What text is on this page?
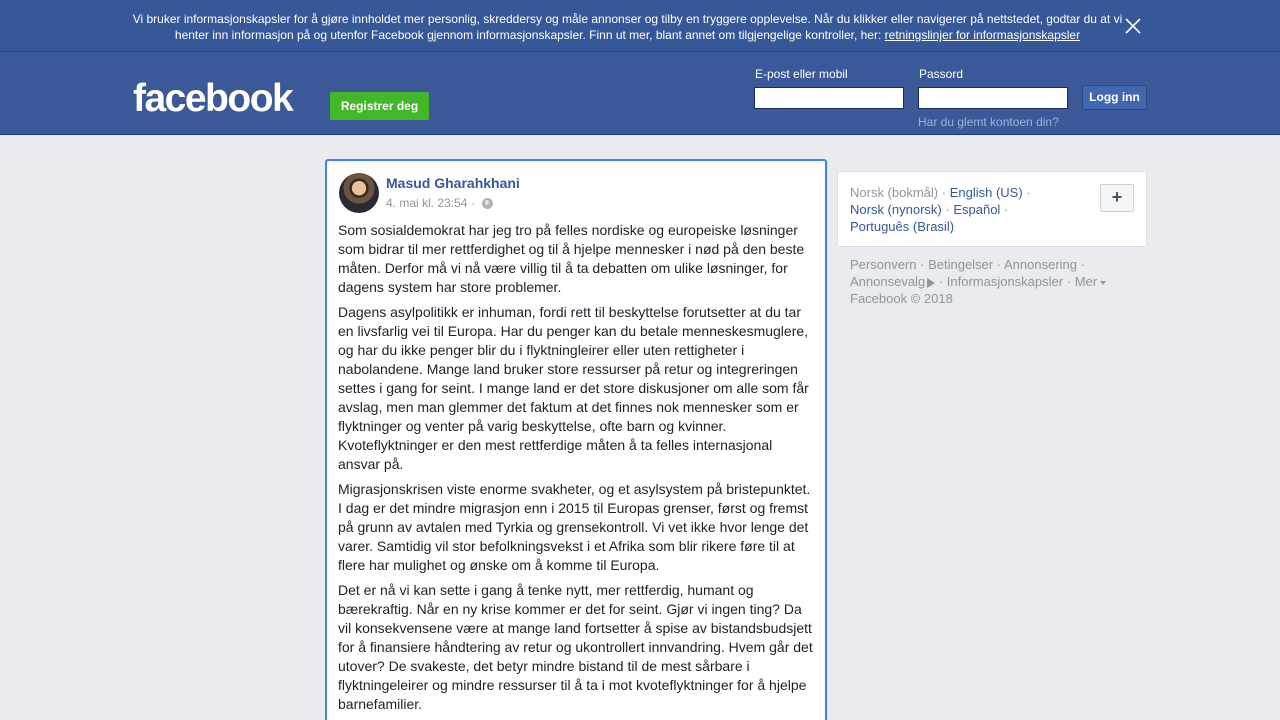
Vi bruker informasjonskapsler for å gjøre innholdet mer personlig, skreddersy og måle annonser og tilby en tryggere opplevelse. Når du klikker eller navigerer på nettstedet, godtar du at vi henter inn informasjon på og utenfor Facebook gjennom informasjonskapsler. Finn ut mer, blant annet om tilgjengelige kontroller, her: retningslinjer for informasjonskapsler
facebook	Registrer deg
E-post eller mobil	Passord
Logg inn
Har du glemt kontoen din?
Masud Gharahkhani
4. mai kl. 23:54 ·

Som sosialdemokrat har jeg tro på felles nordiske og europeiske løsninger som bidrar til mer rettferdighet og til å hjelpe mennesker i nød på den beste måten. Derfor må vi nå være villig til å ta debatten om ulike løsninger, for dagens system har store problemer.

Dagens asylpolitikk er inhuman, fordi rett til beskyttelse forutsetter at du tar en livsfarlig vei til Europa. Har du penger kan du betale menneskesmuglere, og har du ikke penger blir du i flyktningleirer eller uten rettigheter i nabolandene. Mange land bruker store ressurser på retur og integreringen settes i gang for seint. I mange land er det store diskusjoner om alle som får avslag, men man glemmer det faktum at det finnes nok mennesker som er flyktninger og venter på varig beskyttelse, ofte barn og kvinner. Kvoteflyktninger er den mest rettferdige måten å ta felles internasjonal ansvar på.

Migrasjonskrisen viste enorme svakheter, og et asylsystem på bristepunktet. I dag er det mindre migrasjon enn i 2015 til Europas grenser, først og fremst på grunn av avtalen med Tyrkia og grensekontroll. Vi vet ikke hvor lenge det varer. Samtidig vil stor befolkningsvekst i et Afrika som blir rikere føre til at flere har mulighet og ønske om å komme til Europa.

Det er nå vi kan sette i gang å tenke nytt, mer rettferdig, humant og bærekraftig. Når en ny krise kommer er det for seint. Gjør vi ingen ting? Da vil konsekvensene være at mange land fortsetter å spise av bistandsbudsjett for å finansiere håndtering av retur og ukontrollert innvandring. Hvem går det utover? De svakeste, det betyr mindre bistand til de mest sårbare i flyktningeleirer og mindre ressurser til å ta i mot kvoteflyktninger for å hjelpe barnefamilier.

Norsk (bokmål) · English (US) ·
Norsk (nynorsk) · Español ·
Português (Brasil)
+
Personvern · Betingelser · Annonsering ·
Annonsevalg · Informasjonskapsler · Mer
Facebook © 2018
